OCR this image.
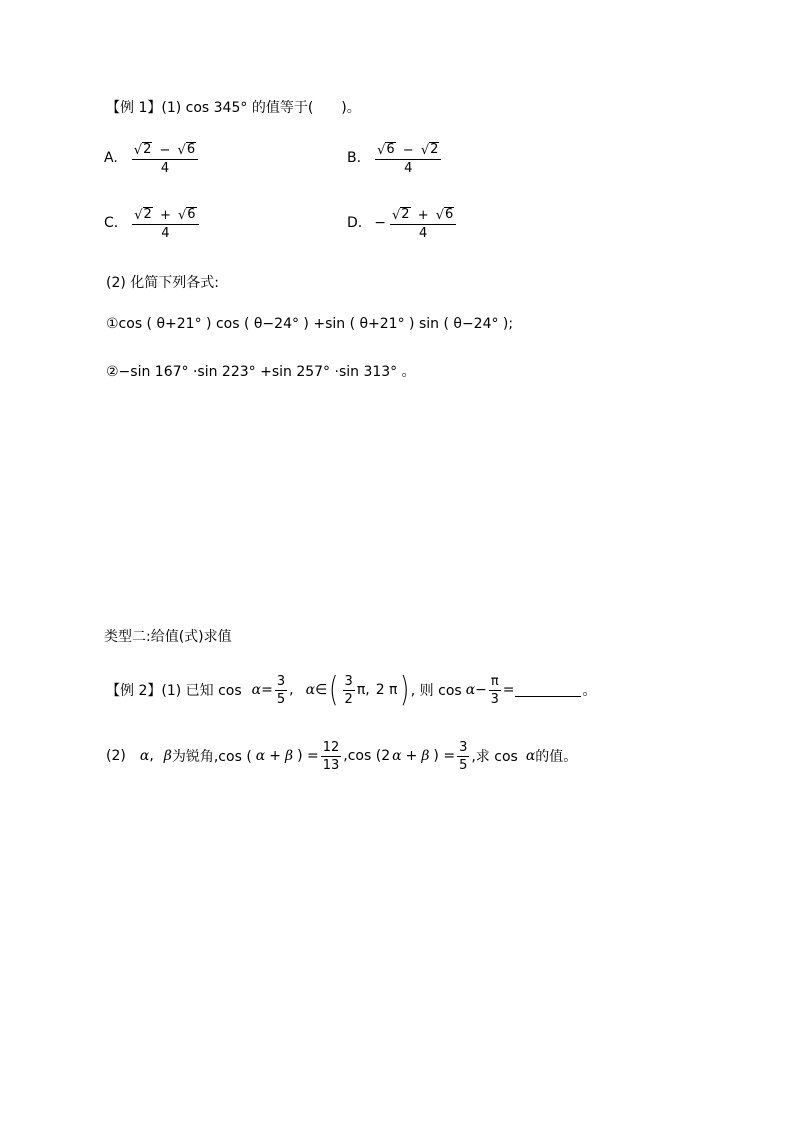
【例 1】 (1) cos 345° 的值等于(　　)。
A. $\frac{√ 2 - √ 6}{4}$	B. $\frac{√ 6 - √ 2}{4}$
C. $\frac{√ 2 + √ 6}{4}$	D. − $\frac{√ 2 + √ 6}{4}$
(2) 化简下列各式:
①cos ( θ+21° ) cos ( θ−24° ) +sin ( θ+21° ) sin ( θ−24° );
②−sin 167° ·sin 223° +sin 257° ·sin 313° 。
类型二:给值(式)求值
【例 2】 (1) 已知 $\cos \alpha = \frac{3}{5}$ , α ∈ ( $\frac{3}{2} \pi$, 2 π ) , 则 $\cos \alpha - \frac{\pi}{3}$ =	。
(2) α , β 为锐角,cos ( α + β ) = $\frac{12}{13} ,\cos$ (2 α + β ) = $\frac{3}{5}$ ,求 cos α 的值。
